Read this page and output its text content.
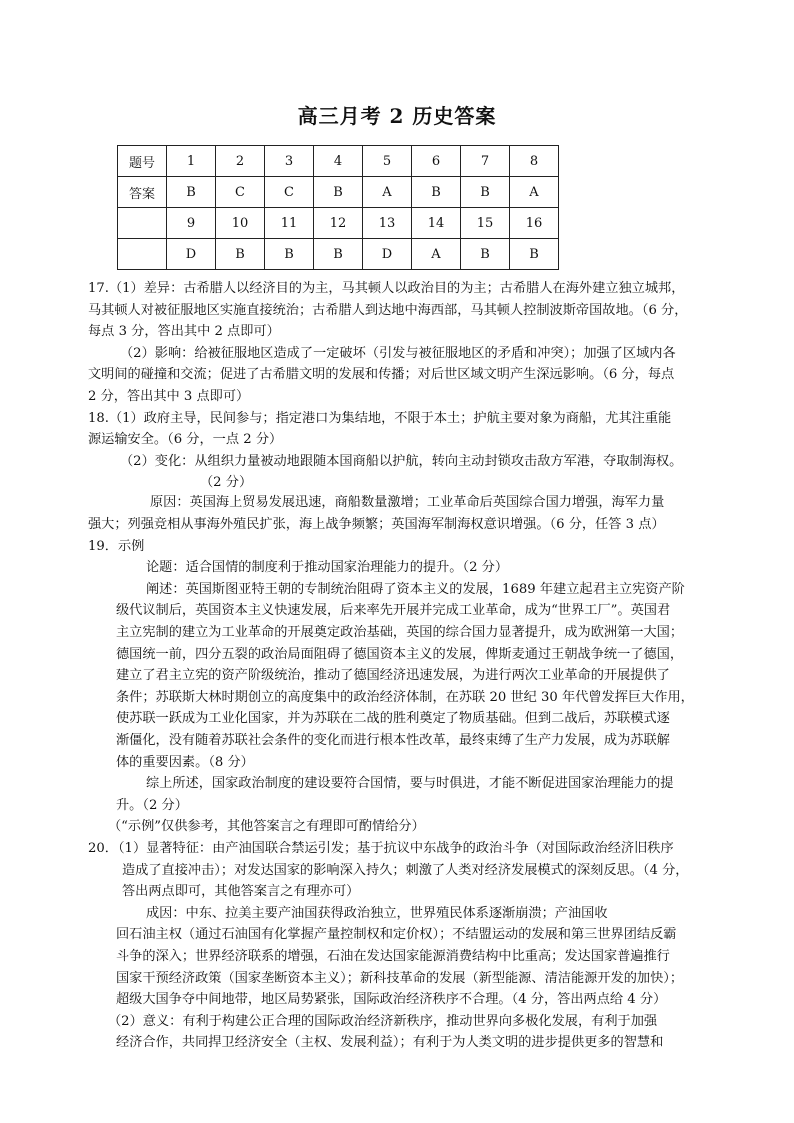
高三月考 2 历史答案
题号	1	2	3	4	5	6	7	8
答案	B	C	C	B	A	B	B	A
	9	10	11	12	13	14	15	16
	D	B	B	B	D	A	B	B
17.（1）差异：古希腊人以经济目的为主，马其顿人以政治目的为主；古希腊人在海外建立独立城邦，
马其顿人对被征服地区实施直接统治；古希腊人到达地中海西部，马其顿人控制波斯帝国故地。（6 分，
每点 3 分，答出其中 2 点即可）
（2）影响：给被征服地区造成了一定破坏（引发与被征服地区的矛盾和冲突）；加强了区域内各
文明间的碰撞和交流；促进了古希腊文明的发展和传播；对后世区域文明产生深远影响。（6 分，每点
2 分，答出其中 3 点即可）
18.（1）政府主导，民间参与；指定港口为集结地，不限于本土；护航主要对象为商船，尤其注重能
源运输安全。（6 分，一点 2 分）
（2）变化：从组织力量被动地跟随本国商船以护航，转向主动封锁攻击敌方军港，夺取制海权。
（2 分）
原因：英国海上贸易发展迅速，商船数量激增；工业革命后英国综合国力增强，海军力量
强大；列强竞相从事海外殖民扩张，海上战争频繁；英国海军制海权意识增强。（6 分，任答 3 点）
19．示例
论题：适合国情的制度利于推动国家治理能力的提升。（2 分）
阐述：英国斯图亚特王朝的专制统治阻碍了资本主义的发展，1689 年建立起君主立宪资产阶
级代议制后，英国资本主义快速发展，后来率先开展并完成工业革命，成为“世界工厂”。英国君
主立宪制的建立为工业革命的开展奠定政治基础，英国的综合国力显著提升，成为欧洲第一大国；
德国统一前，四分五裂的政治局面阻碍了德国资本主义的发展，俾斯麦通过王朝战争统一了德国，
建立了君主立宪的资产阶级统治，推动了德国经济迅速发展，为进行两次工业革命的开展提供了
条件；苏联斯大林时期创立的高度集中的政治经济体制，在苏联 20 世纪 30 年代曾发挥巨大作用，
使苏联一跃成为工业化国家，并为苏联在二战的胜利奠定了物质基础。但到二战后，苏联模式逐
渐僵化，没有随着苏联社会条件的变化而进行根本性改革，最终束缚了生产力发展，成为苏联解
体的重要因素。（8 分）
综上所述，国家政治制度的建设要符合国情，要与时俱进，才能不断促进国家治理能力的提
升。（2 分）
（“示例”仅供参考，其他答案言之有理即可酌情给分）
20．（1）显著特征：由产油国联合禁运引发；基于抗议中东战争的政治斗争（对国际政治经济旧秩序
造成了直接冲击）；对发达国家的影响深入持久；刺激了人类对经济发展模式的深刻反思。（4 分，
答出两点即可，其他答案言之有理亦可）
成因：中东、拉美主要产油国获得政治独立，世界殖民体系逐渐崩溃；产油国收
回石油主权（通过石油国有化掌握产量控制权和定价权）；不结盟运动的发展和第三世界团结反霸
斗争的深入；世界经济联系的增强，石油在发达国家能源消费结构中比重高；发达国家普遍推行
国家干预经济政策（国家垄断资本主义）；新科技革命的发展（新型能源、清洁能源开发的加快）；
超级大国争夺中间地带，地区局势紧张，国际政治经济秩序不合理。（4 分，答出两点给 4 分）
（2）意义：有利于构建公正合理的国际政治经济新秩序，推动世界向多极化发展，有利于加强
经济合作，共同捍卫经济安全（主权、发展利益）；有利于为人类文明的进步提供更多的智慧和
